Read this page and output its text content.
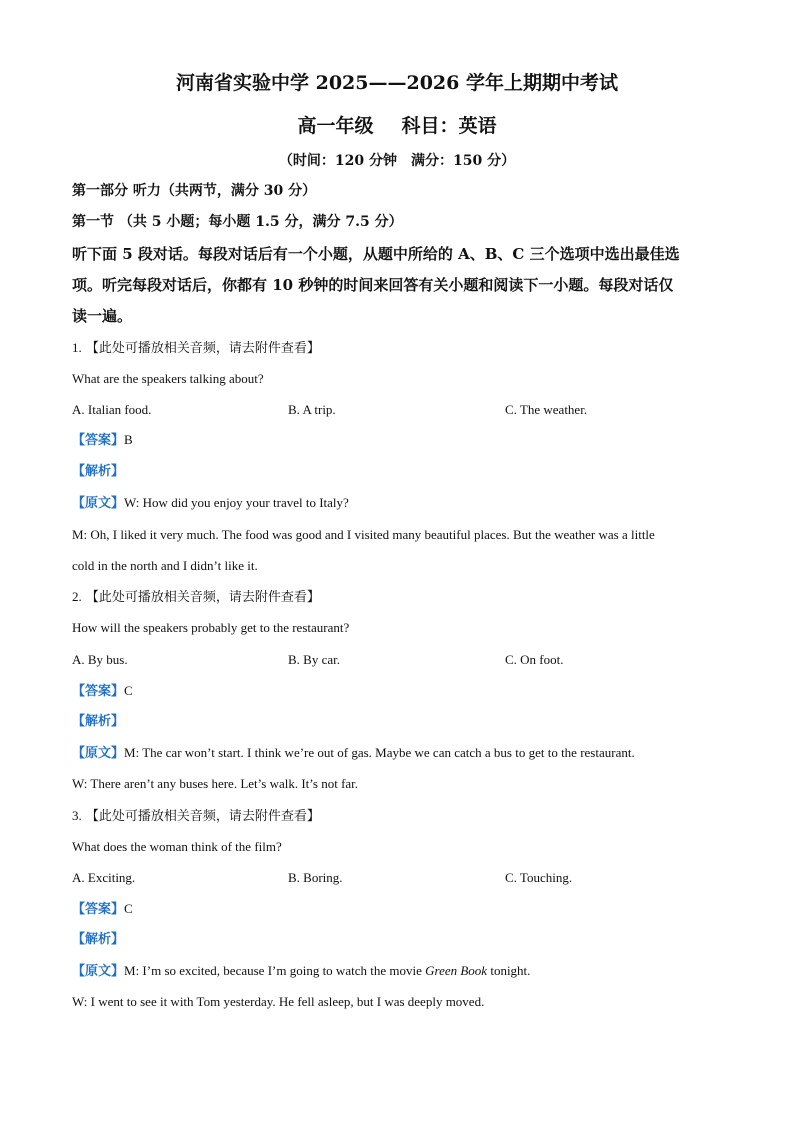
河南省实验中学 2025——2026 学年上期期中考试
高一年级 科目：英语
（时间：120 分钟　满分：150 分）
第一部分 听力（共两节，满分 30 分）
第一节 （共 5 小题；每小题 1.5 分，满分 7.5 分）
听下面 5 段对话。每段对话后有一个小题，从题中所给的 A、B、C 三个选项中选出最佳选
项。听完每段对话后，你都有 10 秒钟的时间来回答有关小题和阅读下一小题。每段对话仅
读一遍。
1. 【此处可播放相关音频，请去附件查看】
What are the speakers talking about?
A. Italian food.	B. A trip.	C. The weather.
【答案】B
【解析】
【原文】W: How did you enjoy your travel to Italy?
M: Oh, I liked it very much. The food was good and I visited many beautiful places. But the weather was a little
cold in the north and I didn’t like it.
2. 【此处可播放相关音频，请去附件查看】
How will the speakers probably get to the restaurant?
A. By bus.	B. By car.	C. On foot.
【答案】C
【解析】
【原文】M: The car won’t start. I think we’re out of gas. Maybe we can catch a bus to get to the restaurant.
W: There aren’t any buses here. Let’s walk. It’s not far.
3. 【此处可播放相关音频，请去附件查看】
What does the woman think of the film?
A. Exciting.	B. Boring.	C. Touching.
【答案】C
【解析】
【原文】M: I’m so excited, because I’m going to watch the movie Green Book tonight.
W: I went to see it with Tom yesterday. He fell asleep, but I was deeply moved.
